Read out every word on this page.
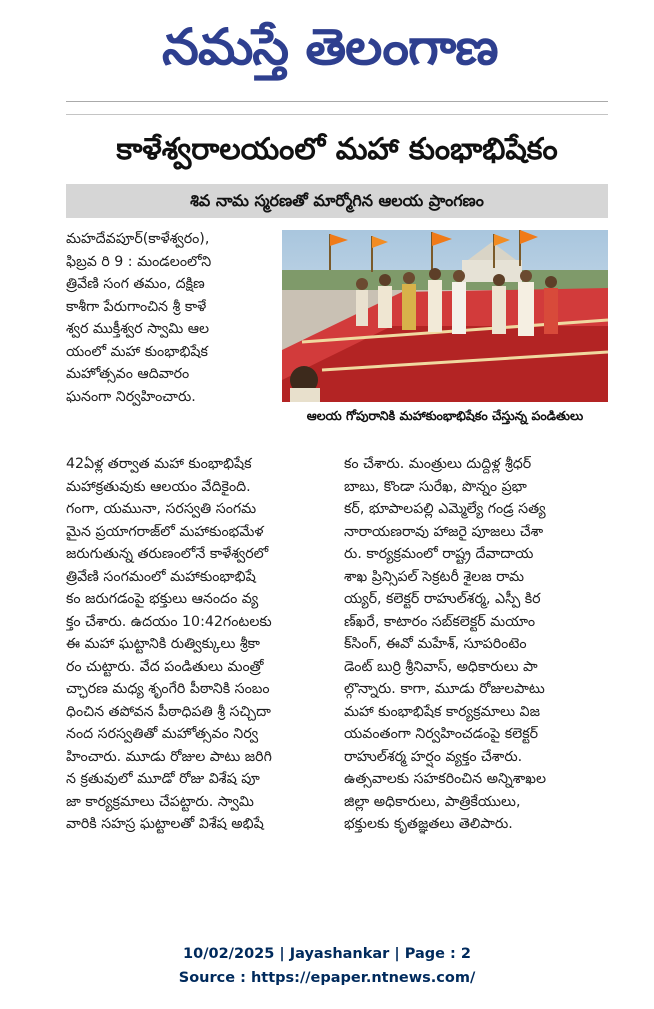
నమస్తే తెలంగాణ
కాళేశ్వరాలయంలో మహా కుంభాభిషేకం
శివ నామ స్మరణతో మార్మోగిన ఆలయ ప్రాంగణం
మహదేవపూర్(కాళేశ్వరం),
ఫిబ్రవ రి 9 : మండలంలోని
త్రివేణి సంగ తమం, దక్షిణ
కాశీగా పేరుగాంచిన శ్రీ కాళే
శ్వర ముక్తీశ్వర స్వామి ఆల
యంలో మహా కుంభాభిషేక
మహోత్సవం ఆదివారం
ఘనంగా నిర్వహించారు.
ఆలయ గోపురానికి మహాకుంభాభిషేకం చేస్తున్న పండితులు
42ఏళ్ల తర్వాత మహా కుంభాభిషేక
మహాక్రతువుకు ఆలయం వేదికైంది.
గంగా, యమునా, సరస్వతి సంగమ
మైన ప్రయాగరాజ్‌లో మహాకుంభమేళ
జరుగుతున్న తరుణంలోనే కాళేశ్వరలో
త్రివేణి సంగమంలో మహాకుంభాభిషే
కం జరుగడంపై భక్తులు ఆనందం వ్య
క్తం చేశారు. ఉదయం 10:42గంటలకు
ఈ మహా ఘట్టానికి రుత్విక్కులు శ్రీకా
రం చుట్టారు. వేద పండితులు మంత్రో
చ్ఛారణ మధ్య శృంగేరి పీఠానికి సంబం
ధించిన తపోవన పీఠాధిపతి శ్రీ సచ్చిదా
నంద సరస్వతితో మహోత్సవం నిర్వ
హించారు. మూడు రోజుల పాటు జరిగి
న క్రతువులో మూడో రోజు విశేష పూ
జా కార్యక్రమాలు చేపట్టారు. స్వామి
వారికి సహస్ర ఘట్టాలతో విశేష అభిషే
కం చేశారు. మంత్రులు దుద్దిళ్ల శ్రీధర్
బాబు, కొండా సురేఖ, పొన్నం ప్రభా
కర్, భూపాలపల్లి ఎమ్మెల్యే గండ్ర సత్య
నారాయణరావు హాజరై పూజలు చేశా
రు. కార్యక్రమంలో రాష్ట్ర దేవాదాయ
శాఖ ప్రిన్సిపల్ సెక్రటరీ శైలజ రామ
య్యర్, కలెక్టర్ రాహుల్‌శర్మ, ఎస్పీ కిర
ణ్‌ఖరే, కాటారం సబ్‌కలెక్టర్ మయాం
క్‌సింగ్, ఈవో మహేశ్, సూపరింటెం
డెంట్ బుర్రి శ్రీనివాస్, అధికారులు పా
ల్గొన్నారు. కాగా, మూడు రోజులపాటు
మహా కుంభాభిషేక కార్యక్రమాలు విజ
యవంతంగా నిర్వహించడంపై కలెక్టర్
రాహుల్‌శర్మ హర్షం వ్యక్తం చేశారు.
ఉత్సవాలకు సహకరించిన అన్నిశాఖల
జిల్లా అధికారులు, పాత్రికేయులు,
భక్తులకు కృతజ్ఞతలు తెలిపారు.
10/02/2025 | Jayashankar | Page : 2
Source : https://epaper.ntnews.com/
